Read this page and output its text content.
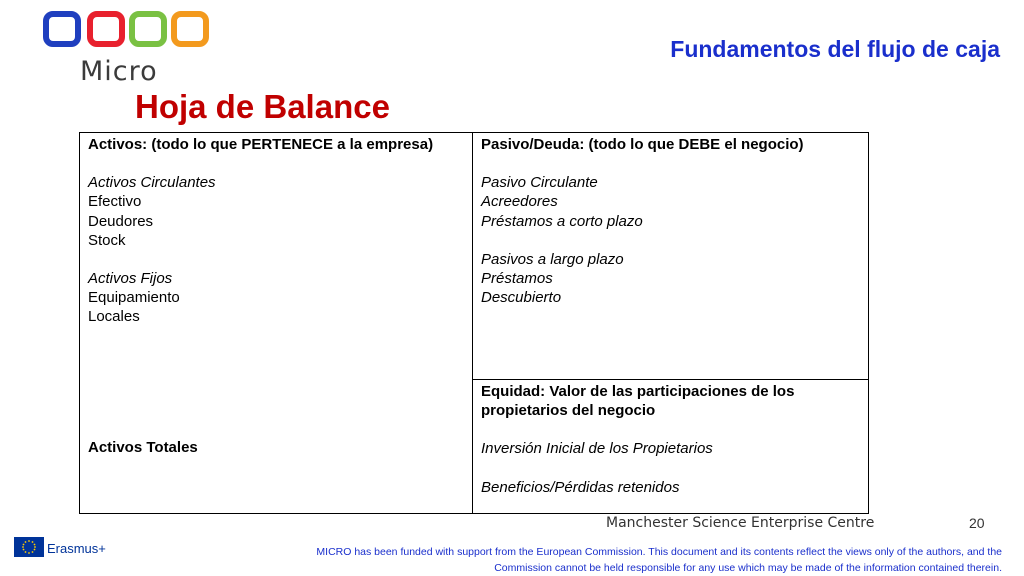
Micro
Fundamentos del flujo de caja
Hoja de Balance
Activos: (todo lo que PERTENECE a la empresa)
Activos Circulantes
Efectivo
Deudores
Stock
Activos Fijos
Equipamiento
Locales
Activos Totales
Pasivo/Deuda: (todo lo que DEBE el negocio)
Pasivo Circulante
Acreedores
Préstamos a corto plazo
Pasivos a largo plazo
Préstamos
Descubierto
Equidad: Valor de las participaciones de los propietarios del negocio
Inversión Inicial de los Propietarios
Beneficios/Pérdidas retenidos
Manchester Science Enterprise Centre	20
Erasmus+	MICRO has been funded with support from the European Commission. This document and its contents reflect the views only of the authors, and the Commission cannot be held responsible for any use which may be made of the information contained therein.
